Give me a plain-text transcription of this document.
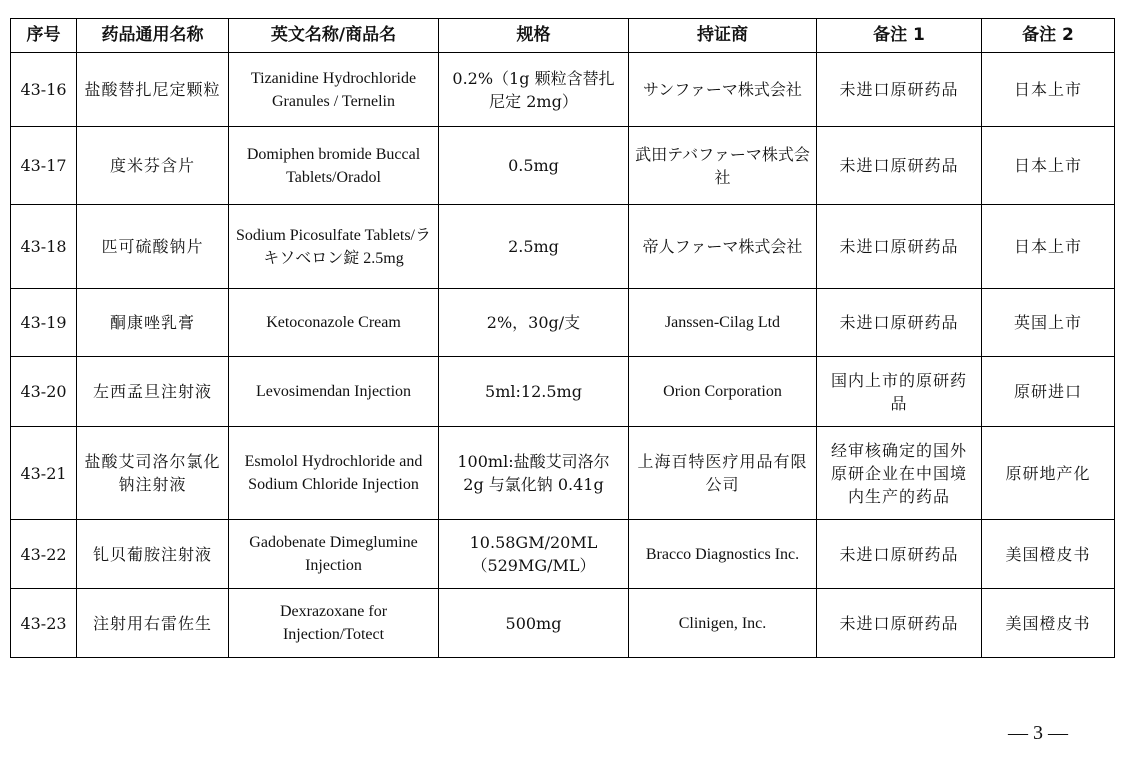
序号	药品通用名称	英文名称/商品名	规格	持证商	备注 1	备注 2
43-16	盐酸替扎尼定颗粒	Tizanidine Hydrochloride Granules / Ternelin	0.2%（1g 颗粒含替扎尼定 2mg）	サンファーマ株式会社	未进口原研药品	日本上市
43-17	度米芬含片	Domiphen bromide Buccal Tablets/Oradol	0.5mg	武田テバファーマ株式会社	未进口原研药品	日本上市
43-18	匹可硫酸钠片	Sodium Picosulfate Tablets/ラキソベロン錠 2.5mg	2.5mg	帝人ファーマ株式会社	未进口原研药品	日本上市
43-19	酮康唑乳膏	Ketoconazole Cream	2%，30g/支	Janssen-Cilag Ltd	未进口原研药品	英国上市
43-20	左西孟旦注射液	Levosimendan Injection	5ml:12.5mg	Orion Corporation	国内上市的原研药品	原研进口
43-21	盐酸艾司洛尔氯化钠注射液	Esmolol Hydrochloride and Sodium Chloride Injection	100ml:盐酸艾司洛尔 2g 与氯化钠 0.41g	上海百特医疗用品有限公司	经审核确定的国外原研企业在中国境内生产的药品	原研地产化
43-22	钆贝葡胺注射液	Gadobenate Dimeglumine Injection	10.58GM/20ML（529MG/ML）	Bracco Diagnostics Inc.	未进口原研药品	美国橙皮书
43-23	注射用右雷佐生	Dexrazoxane for Injection/Totect	500mg	Clinigen, Inc.	未进口原研药品	美国橙皮书
— 3 —
